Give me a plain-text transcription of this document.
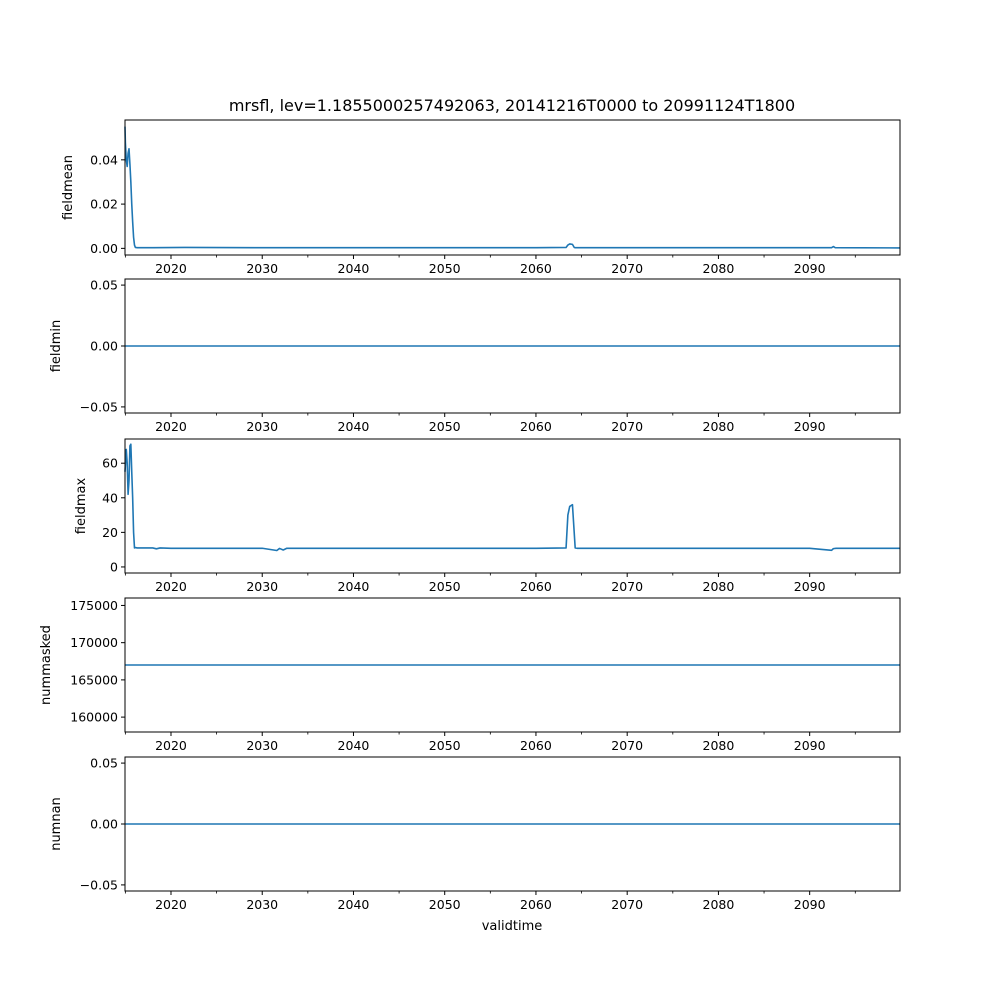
mrsfl, lev=1.1855000257492063, 20141216T0000 to 20991124T1800
0.00
0.02
0.04
2020	2030	2040	2050	2060	2070	2080	2090
fieldmean
−0.05
0.00
0.05
2020	2030	2040	2050	2060	2070	2080	2090
fieldmin
0
20
40
60
2020	2030	2040	2050	2060	2070	2080	2090
fieldmax
160000
165000
170000
175000
2020	2030	2040	2050	2060	2070	2080	2090
nummasked
−0.05
0.00
0.05
2020	2030	2040	2050	2060	2070	2080	2090
numnan
validtime
